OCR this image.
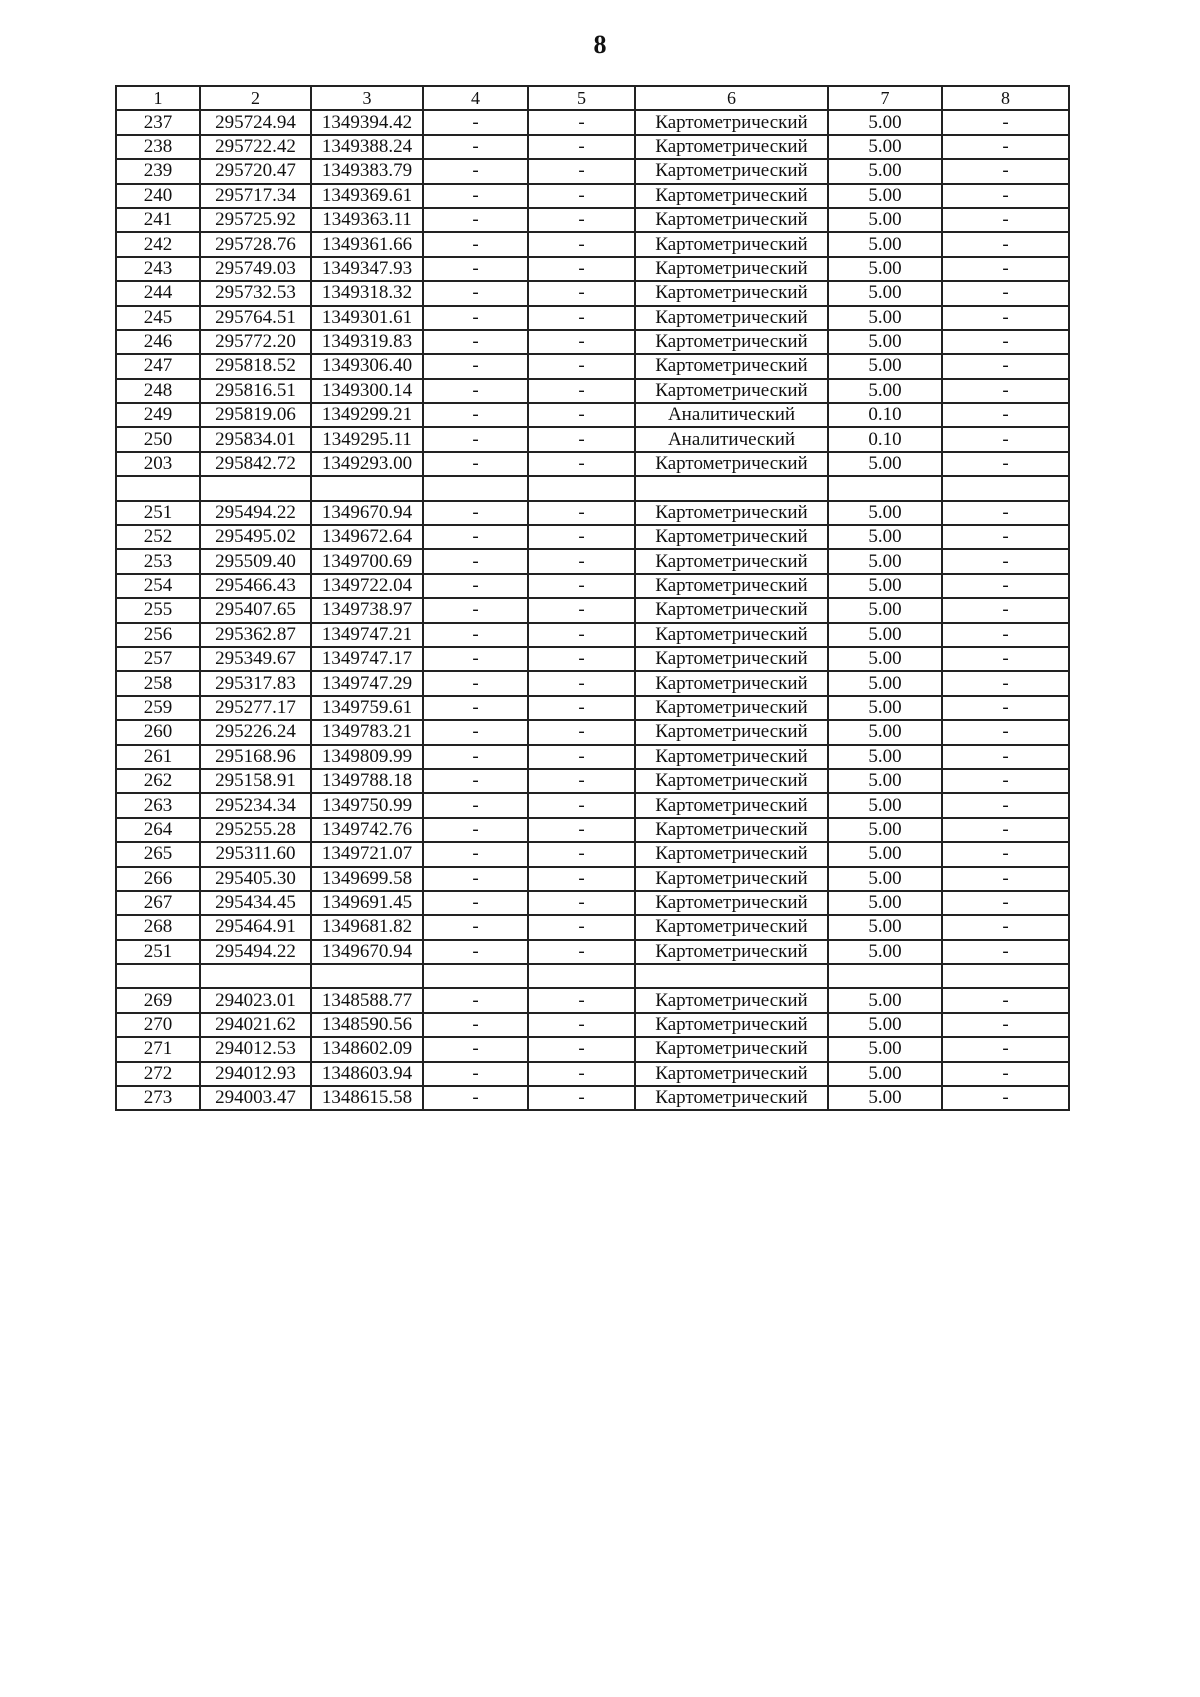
8
1	2	3	4	5	6	7	8
237	295724.94	1349394.42	-	-	Картометрический	5.00	-
238	295722.42	1349388.24	-	-	Картометрический	5.00	-
239	295720.47	1349383.79	-	-	Картометрический	5.00	-
240	295717.34	1349369.61	-	-	Картометрический	5.00	-
241	295725.92	1349363.11	-	-	Картометрический	5.00	-
242	295728.76	1349361.66	-	-	Картометрический	5.00	-
243	295749.03	1349347.93	-	-	Картометрический	5.00	-
244	295732.53	1349318.32	-	-	Картометрический	5.00	-
245	295764.51	1349301.61	-	-	Картометрический	5.00	-
246	295772.20	1349319.83	-	-	Картометрический	5.00	-
247	295818.52	1349306.40	-	-	Картометрический	5.00	-
248	295816.51	1349300.14	-	-	Картометрический	5.00	-
249	295819.06	1349299.21	-	-	Аналитический	0.10	-
250	295834.01	1349295.11	-	-	Аналитический	0.10	-
203	295842.72	1349293.00	-	-	Картометрический	5.00	-

251	295494.22	1349670.94	-	-	Картометрический	5.00	-
252	295495.02	1349672.64	-	-	Картометрический	5.00	-
253	295509.40	1349700.69	-	-	Картометрический	5.00	-
254	295466.43	1349722.04	-	-	Картометрический	5.00	-
255	295407.65	1349738.97	-	-	Картометрический	5.00	-
256	295362.87	1349747.21	-	-	Картометрический	5.00	-
257	295349.67	1349747.17	-	-	Картометрический	5.00	-
258	295317.83	1349747.29	-	-	Картометрический	5.00	-
259	295277.17	1349759.61	-	-	Картометрический	5.00	-
260	295226.24	1349783.21	-	-	Картометрический	5.00	-
261	295168.96	1349809.99	-	-	Картометрический	5.00	-
262	295158.91	1349788.18	-	-	Картометрический	5.00	-
263	295234.34	1349750.99	-	-	Картометрический	5.00	-
264	295255.28	1349742.76	-	-	Картометрический	5.00	-
265	295311.60	1349721.07	-	-	Картометрический	5.00	-
266	295405.30	1349699.58	-	-	Картометрический	5.00	-
267	295434.45	1349691.45	-	-	Картометрический	5.00	-
268	295464.91	1349681.82	-	-	Картометрический	5.00	-
251	295494.22	1349670.94	-	-	Картометрический	5.00	-

269	294023.01	1348588.77	-	-	Картометрический	5.00	-
270	294021.62	1348590.56	-	-	Картометрический	5.00	-
271	294012.53	1348602.09	-	-	Картометрический	5.00	-
272	294012.93	1348603.94	-	-	Картометрический	5.00	-
273	294003.47	1348615.58	-	-	Картометрический	5.00	-
